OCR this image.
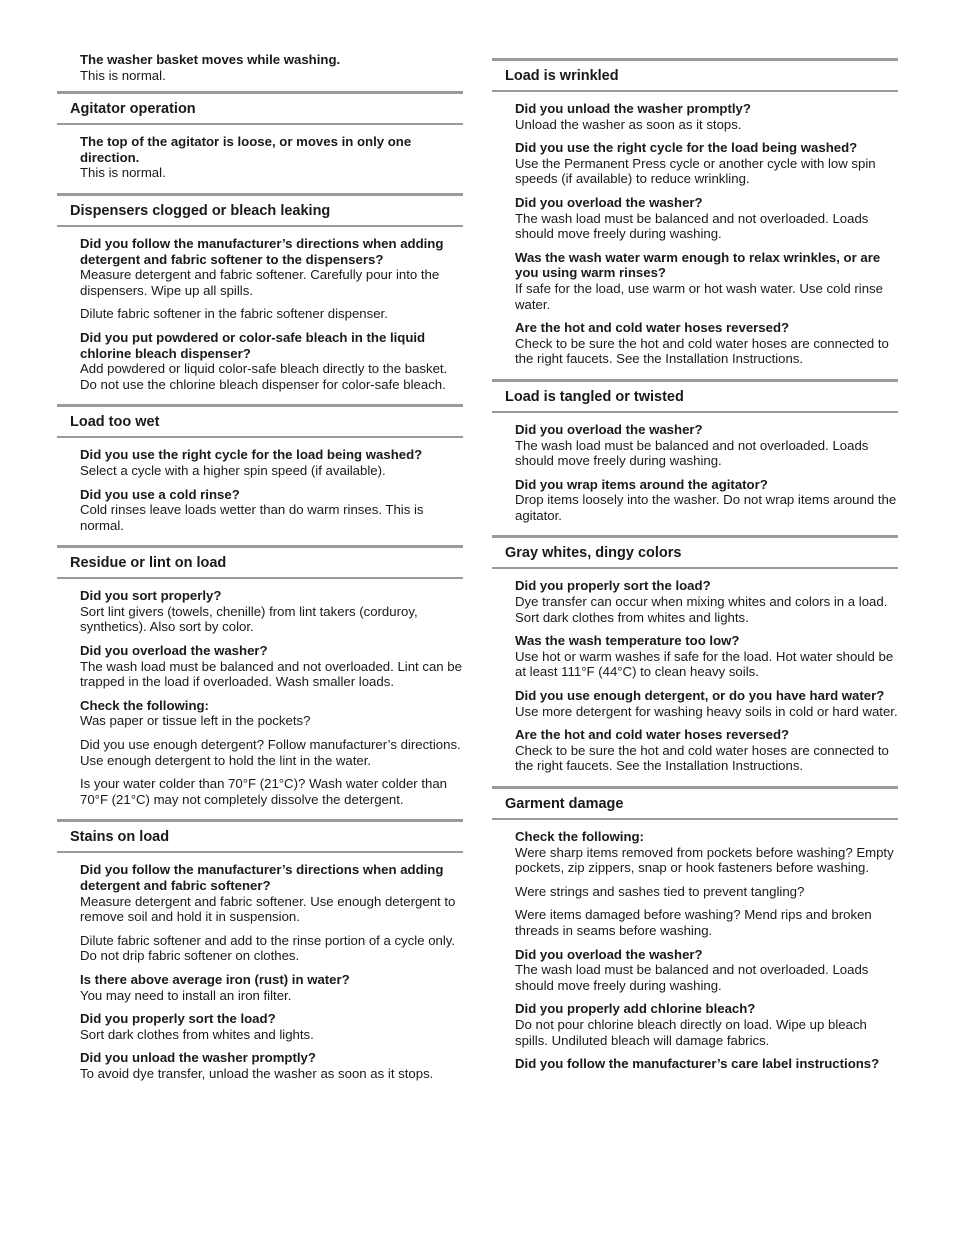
The washer basket moves while washing.
This is normal.
Agitator operation
The top of the agitator is loose, or moves in only one direction.
This is normal.
Dispensers clogged or bleach leaking
Did you follow the manufacturer’s directions when adding detergent and fabric softener to the dispensers?
Measure detergent and fabric softener. Carefully pour into the dispensers. Wipe up all spills.
Dilute fabric softener in the fabric softener dispenser.
Did you put powdered or color-safe bleach in the liquid chlorine bleach dispenser?
Add powdered or liquid color-safe bleach directly to the basket. Do not use the chlorine bleach dispenser for color-safe bleach.
Load too wet
Did you use the right cycle for the load being washed?
Select a cycle with a higher spin speed (if available).
Did you use a cold rinse?
Cold rinses leave loads wetter than do warm rinses. This is normal.
Residue or lint on load
Did you sort properly?
Sort lint givers (towels, chenille) from lint takers (corduroy, synthetics). Also sort by color.
Did you overload the washer?
The wash load must be balanced and not overloaded. Lint can be trapped in the load if overloaded. Wash smaller loads.
Check the following:
Was paper or tissue left in the pockets?
Did you use enough detergent? Follow manufacturer’s directions. Use enough detergent to hold the lint in the water.
Is your water colder than 70°F (21°C)? Wash water colder than 70°F (21°C) may not completely dissolve the detergent.
Stains on load
Did you follow the manufacturer’s directions when adding detergent and fabric softener?
Measure detergent and fabric softener. Use enough detergent to remove soil and hold it in suspension.
Dilute fabric softener and add to the rinse portion of a cycle only. Do not drip fabric softener on clothes.
Is there above average iron (rust) in water?
You may need to install an iron filter.
Did you properly sort the load?
Sort dark clothes from whites and lights.
Did you unload the washer promptly?
To avoid dye transfer, unload the washer as soon as it stops.
Load is wrinkled
Did you unload the washer promptly?
Unload the washer as soon as it stops.
Did you use the right cycle for the load being washed?
Use the Permanent Press cycle or another cycle with low spin speeds (if available) to reduce wrinkling.
Did you overload the washer?
The wash load must be balanced and not overloaded. Loads should move freely during washing.
Was the wash water warm enough to relax wrinkles, or are you using warm rinses?
If safe for the load, use warm or hot wash water. Use cold rinse water.
Are the hot and cold water hoses reversed?
Check to be sure the hot and cold water hoses are connected to the right faucets. See the Installation Instructions.
Load is tangled or twisted
Did you overload the washer?
The wash load must be balanced and not overloaded. Loads should move freely during washing.
Did you wrap items around the agitator?
Drop items loosely into the washer. Do not wrap items around the agitator.
Gray whites, dingy colors
Did you properly sort the load?
Dye transfer can occur when mixing whites and colors in a load. Sort dark clothes from whites and lights.
Was the wash temperature too low?
Use hot or warm washes if safe for the load. Hot water should be at least 111°F (44°C) to clean heavy soils.
Did you use enough detergent, or do you have hard water?
Use more detergent for washing heavy soils in cold or hard water.
Are the hot and cold water hoses reversed?
Check to be sure the hot and cold water hoses are connected to the right faucets. See the Installation Instructions.
Garment damage
Check the following:
Were sharp items removed from pockets before washing? Empty pockets, zip zippers, snap or hook fasteners before washing.
Were strings and sashes tied to prevent tangling?
Were items damaged before washing? Mend rips and broken threads in seams before washing.
Did you overload the washer?
The wash load must be balanced and not overloaded. Loads should move freely during washing.
Did you properly add chlorine bleach?
Do not pour chlorine bleach directly on load. Wipe up bleach spills. Undiluted bleach will damage fabrics.
Did you follow the manufacturer’s care label instructions?
